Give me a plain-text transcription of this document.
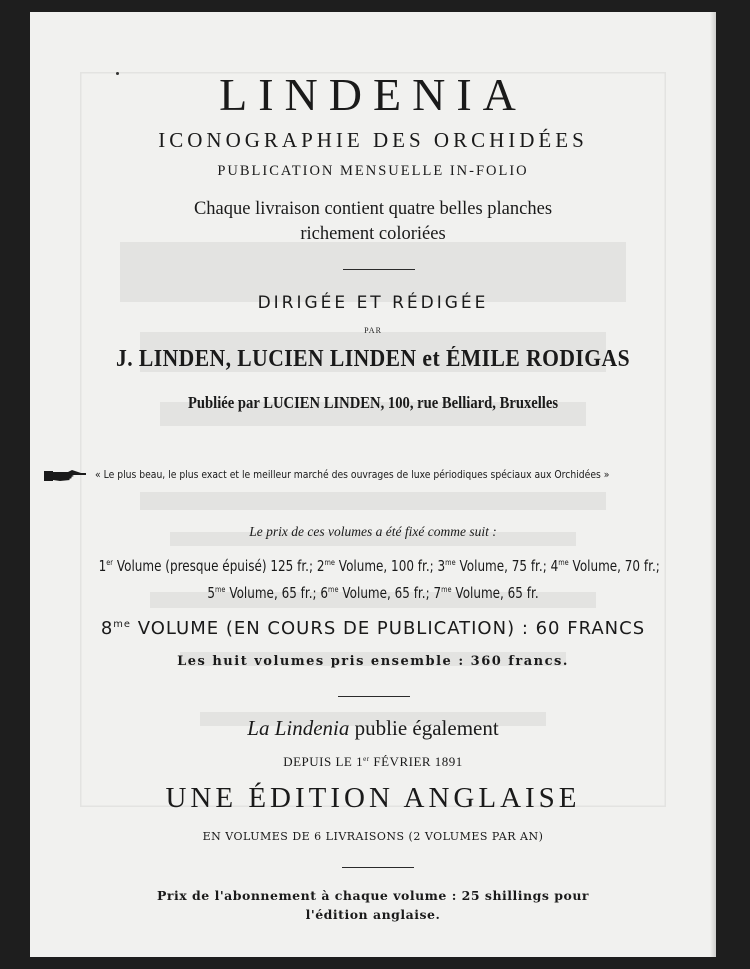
LINDENIA
ICONOGRAPHIE DES ORCHIDÉES
PUBLICATION MENSUELLE IN-FOLIO
Chaque livraison contient quatre belles planches
richement coloriées
DIRIGÉE ET RÉDIGÉE
PAR
J. LINDEN, LUCIEN LINDEN et ÉMILE RODIGAS
Publiée par LUCIEN LINDEN, 100, rue Belliard, Bruxelles
« Le plus beau, le plus exact et le meilleur marché des ouvrages de luxe périodiques spéciaux aux Orchidées »
Le prix de ces volumes a été fixé comme suit :
1er Volume (presque épuisé) 125 fr.; $2^{me}$ Volume, 100 fr.; $3^{me}$ Volume, 75 fr.; $4^{me}$ Volume, 70 fr.;
$5^{me}$ Volume, 65 fr.; $6^{me}$ Volume, 65 fr.; $7^{me}$ Volume, 65 fr.
$8^{me}$ VOLUME (EN COURS DE PUBLICATION) : 60 FRANCS
Les huit volumes pris ensemble : 360 francs.
La Lindenia publie également
DEPUIS LE 1er FÉVRIER 1891
UNE ÉDITION ANGLAISE
EN VOLUMES DE 6 LIVRAISONS (2 VOLUMES PAR AN)
Prix de l'abonnement à chaque volume : 25 shillings pour
l'édition anglaise.
